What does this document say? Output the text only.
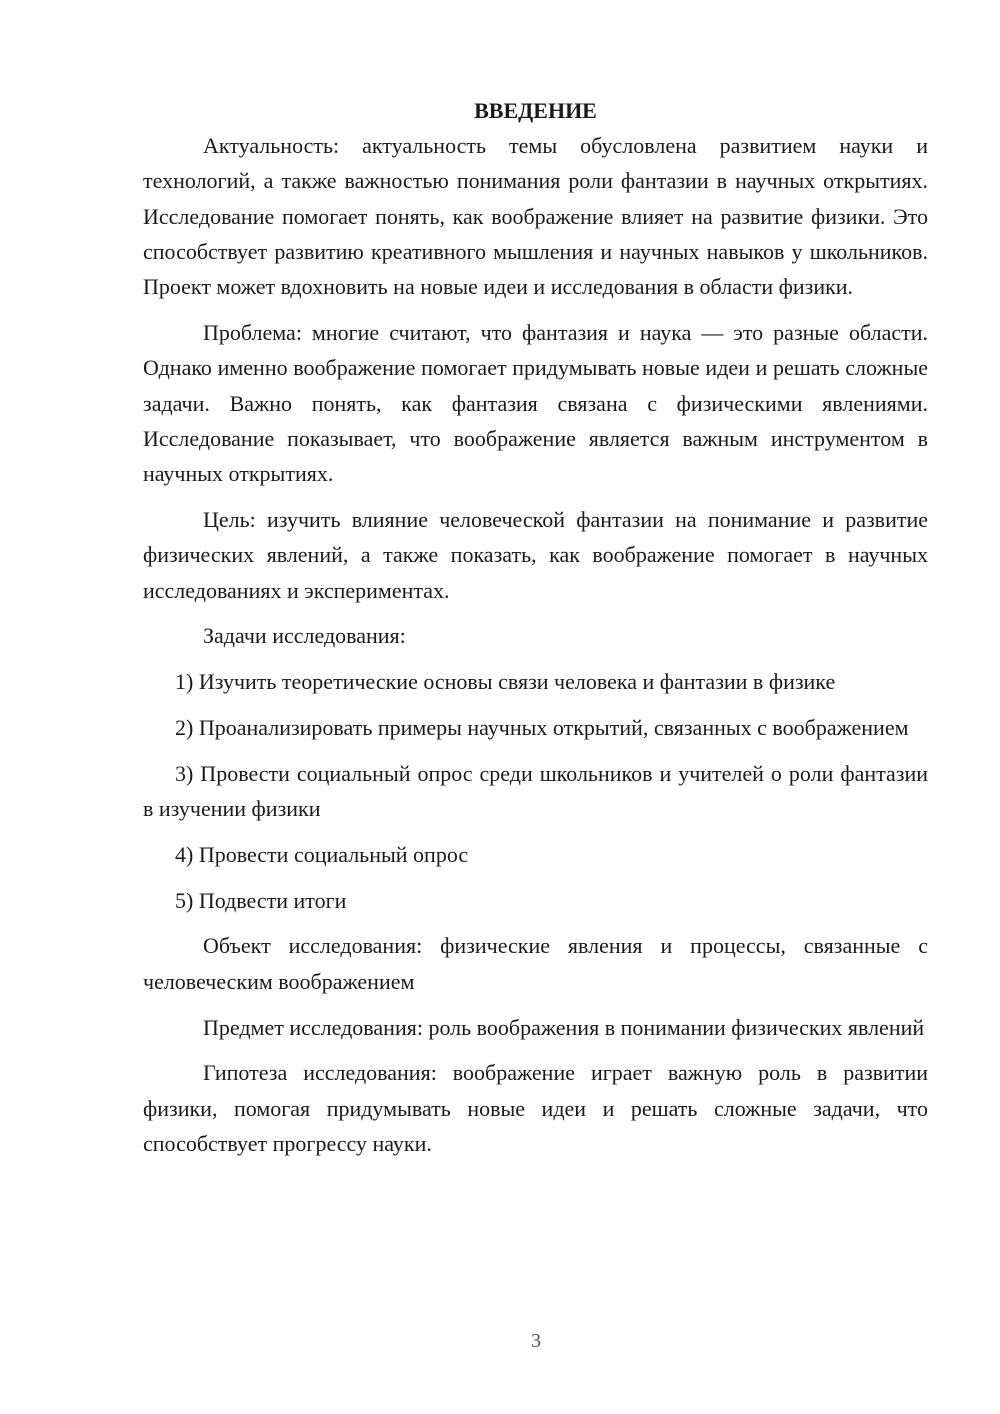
ВВЕДЕНИЕ

Актуальность: актуальность темы обусловлена развитием науки и технологий, а также важностью понимания роли фантазии в научных открытиях. Исследование помогает понять, как воображение влияет на развитие физики. Это способствует развитию креативного мышления и научных навыков у школьников. Проект может вдохновить на новые идеи и исследования в области физики.

Проблема: многие считают, что фантазия и наука — это разные области. Однако именно воображение помогает придумывать новые идеи и решать сложные задачи. Важно понять, как фантазия связана с физическими явлениями. Исследование показывает, что воображение является важным инструментом в научных открытиях.

Цель: изучить влияние человеческой фантазии на понимание и развитие физических явлений, а также показать, как воображение помогает в научных исследованиях и экспериментах.

Задачи исследования:

1) Изучить теоретические основы связи человека и фантазии в физике

2) Проанализировать примеры научных открытий, связанных с воображением

3) Провести социальный опрос среди школьников и учителей о роли фантазии в изучении физики

4) Провести социальный опрос

5) Подвести итоги

Объект исследования: физические явления и процессы, связанные с человеческим воображением

Предмет исследования: роль воображения в понимании физических явлений

Гипотеза исследования: воображение играет важную роль в развитии физики, помогая придумывать новые идеи и решать сложные задачи, что способствует прогрессу науки.

3
